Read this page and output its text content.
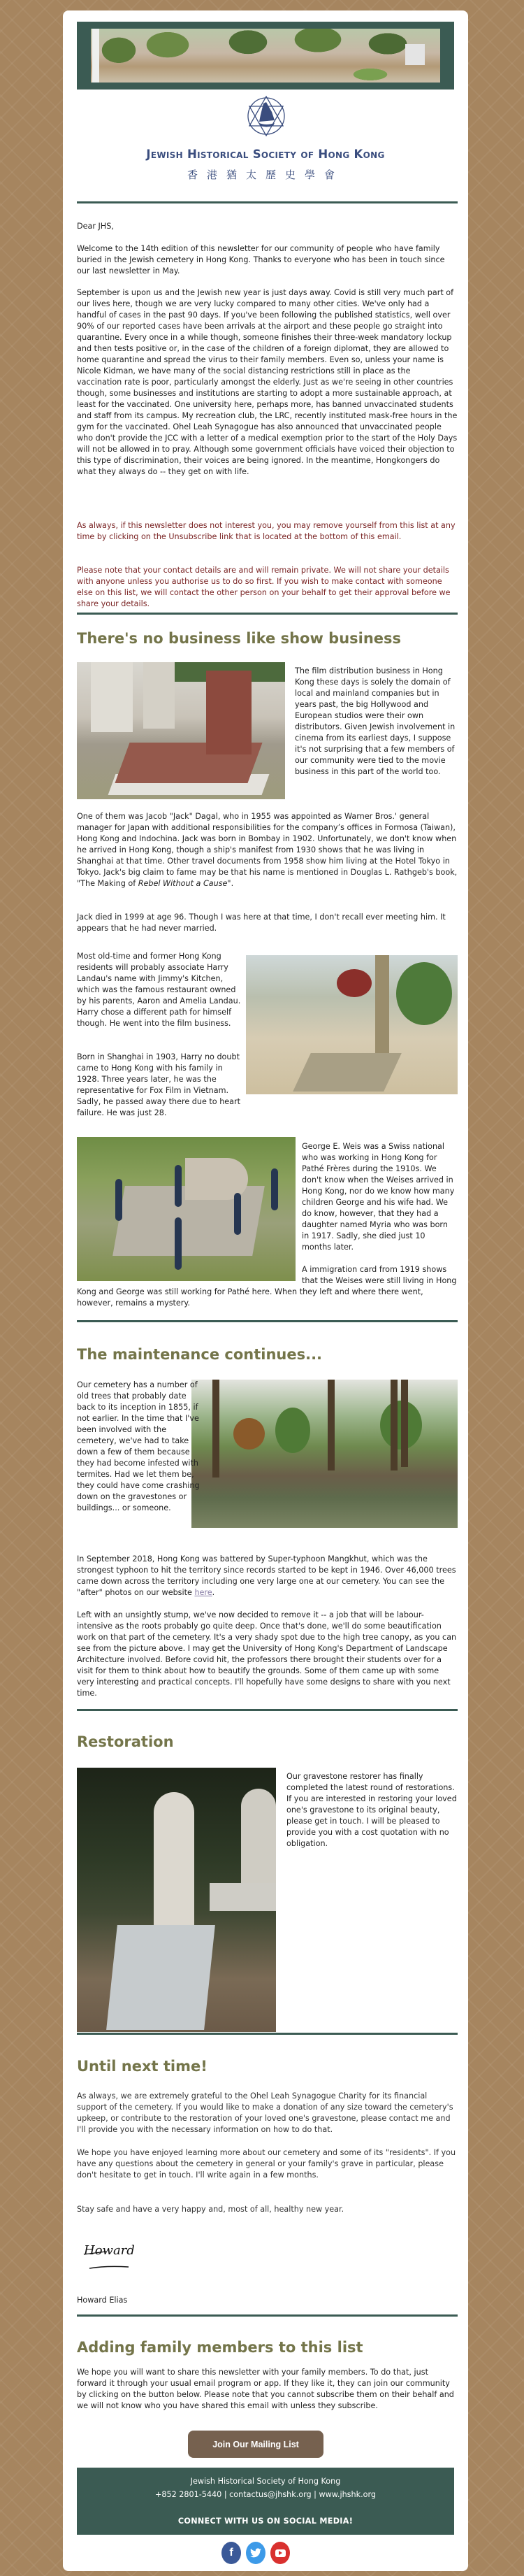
Jewish Historical Society of Hong Kong
香港猶太歷史學會

Dear JHS,

Welcome to the 14th edition of this newsletter for our community of people who have family buried in the Jewish cemetery in Hong Kong. Thanks to everyone who has been in touch since our last newsletter in May.

September is upon us and the Jewish new year is just days away. Covid is still very much part of our lives here, though we are very lucky compared to many other cities. We've only had a handful of cases in the past 90 days. If you've been following the published statistics, well over 90% of our reported cases have been arrivals at the airport and these people go straight into quarantine. Every once in a while though, someone finishes their three-week mandatory lockup and then tests positive or, in the case of the children of a foreign diplomat, they are allowed to home quarantine and spread the virus to their family members. Even so, unless your name is Nicole Kidman, we have many of the social distancing restrictions still in place as the vaccination rate is poor, particularly amongst the elderly. Just as we're seeing in other countries though, some businesses and institutions are starting to adopt a more sustainable approach, at least for the vaccinated. One university here, perhaps more, has banned unvaccinated students and staff from its campus. My recreation club, the LRC, recently instituted mask-free hours in the gym for the vaccinated. Ohel Leah Synagogue has also announced that unvaccinated people who don't provide the JCC with a letter of a medical exemption prior to the start of the Holy Days will not be allowed in to pray. Although some government officials have voiced their objection to this type of discrimination, their voices are being ignored. In the meantime, Hongkongers do what they always do -- they get on with life.

As always, if this newsletter does not interest you, you may remove yourself from this list at any time by clicking on the Unsubscribe link that is located at the bottom of this email.

Please note that your contact details are and will remain private. We will not share your details with anyone unless you authorise us to do so first. If you wish to make contact with someone else on this list, we will contact the other person on your behalf to get their approval before we share your details.

There's no business like show business

The film distribution business in Hong Kong these days is solely the domain of local and mainland companies but in years past, the big Hollywood and European studios were their own distributors. Given Jewish involvement in cinema from its earliest days, I suppose it's not surprising that a few members of our community were tied to the movie business in this part of the world too.

One of them was Jacob "Jack" Dagal, who in 1955 was appointed as Warner Bros.' general manager for Japan with additional responsibilities for the company’s offices in Formosa (Taiwan), Hong Kong and Indochina. Jack was born in Bombay in 1902. Unfortunately, we don't know when he arrived in Hong Kong, though a ship's manifest from 1930 shows that he was living in Shanghai at that time. Other travel documents from 1958 show him living at the Hotel Tokyo in Tokyo. Jack's big claim to fame may be that his name is mentioned in Douglas L. Rathgeb's book, "The Making of Rebel Without a Cause".

Jack died in 1999 at age 96. Though I was here at that time, I don't recall ever meeting him. It appears that he had never married.

Most old-time and former Hong Kong residents will probably associate Harry Landau's name with Jimmy's Kitchen, which was the famous restaurant owned by his parents, Aaron and Amelia Landau. Harry chose a different path for himself though. He went into the film business.

Born in Shanghai in 1903, Harry no doubt came to Hong Kong with his family in 1928. Three years later, he was the representative for Fox Film in Vietnam. Sadly, he passed away there due to heart failure. He was just 28.

George E. Weis was a Swiss national who was working in Hong Kong for Pathé Frères during the 1910s. We don't know when the Weises arrived in Hong Kong, nor do we know how many children George and his wife had. We do know, however, that they had a daughter named Myria who was born in 1917. Sadly, she died just 10 months later.

A immigration card from 1919 shows that the Weises were still living in Hong Kong and George was still working for Pathé here. When they left and where there went, however, remains a mystery.

The maintenance continues...

Our cemetery has a number of old trees that probably date back to its inception in 1855, if not earlier. In the time that I've been involved with the cemetery, we've had to take down a few of them because they had become infested with termites. Had we let them be, they could have come crashing down on the gravestones or buildings... or someone.

In September 2018, Hong Kong was battered by Super-typhoon Mangkhut, which was the strongest typhoon to hit the territory since records started to be kept in 1946. Over 46,000 trees came down across the territory including one very large one at our cemetery. You can see the "after" photos on our website here.

Left with an unsightly stump, we've now decided to remove it -- a job that will be labour-intensive as the roots probably go quite deep. Once that's done, we'll do some beautification work on that part of the cemetery. It's a very shady spot due to the high tree canopy, as you can see from the picture above. I may get the University of Hong Kong's Department of Landscape Architecture involved. Before covid hit, the professors there brought their students over for a visit for them to think about how to beautify the grounds. Some of them came up with some very interesting and practical concepts. I'll hopefully have some designs to share with you next time.

Restoration

Our gravestone restorer has finally completed the latest round of restorations. If you are interested in restoring your loved one's gravestone to its original beauty, please get in touch. I will be pleased to provide you with a cost quotation with no obligation.

Until next time!

As always, we are extremely grateful to the Ohel Leah Synagogue Charity for its financial support of the cemetery. If you would like to make a donation of any size toward the cemetery's upkeep, or contribute to the restoration of your loved one's gravestone, please contact me and I'll provide you with the necessary information on how to do that.

We hope you have enjoyed learning more about our cemetery and some of its "residents". If you have any questions about the cemetery in general or your family's grave in particular, please don't hesitate to get in touch. I'll write again in a few months.

Stay safe and have a very happy and, most of all, healthy new year.

Howard

Howard Elias

Adding family members to this list

We hope you will want to share this newsletter with your family members. To do that, just forward it through your usual email program or app. If they like it, they can join our community by clicking on the button below. Please note that you cannot subscribe them on their behalf and we will not know who you have shared this email with unless they subscribe.

Join Our Mailing List
Jewish Historical Society of Hong Kong
+852 2801-5440 | contactus@jhshk.org | www.jhshk.org
CONNECT WITH US ON SOCIAL MEDIA!
f
